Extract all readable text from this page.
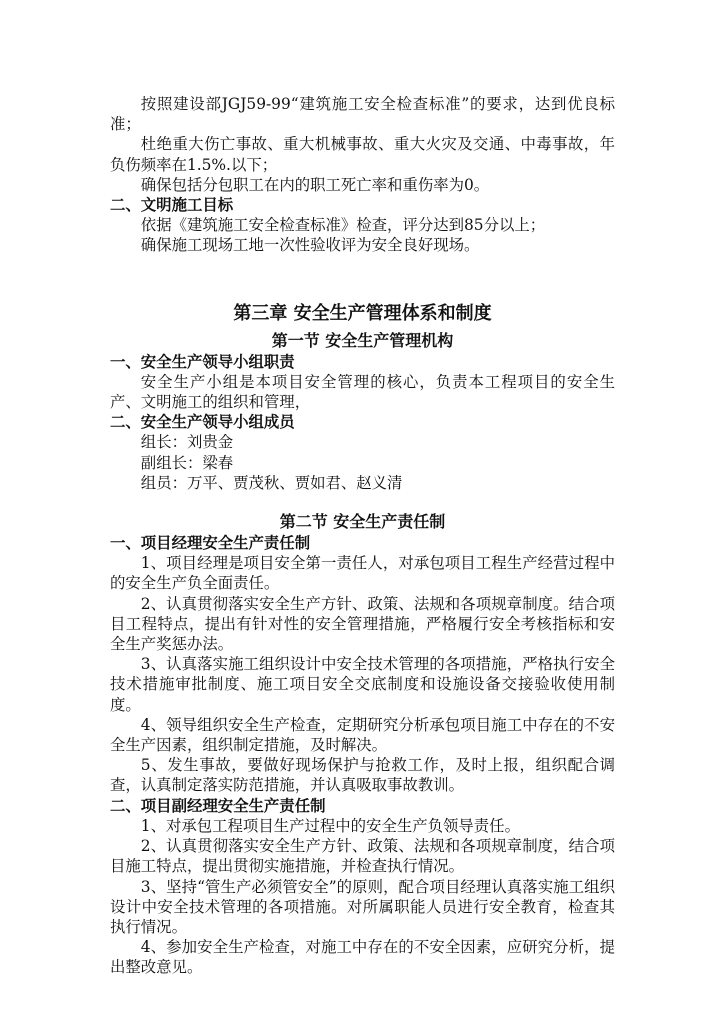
按照建设部JGJ59-99“建筑施工安全检查标准”的要求，达到优良标准；

杜绝重大伤亡事故、重大机械事故、重大火灾及交通、中毒事故，年负伤频率在1.5%.以下；

确保包括分包职工在内的职工死亡率和重伤率为0。

二、文明施工目标

依据《建筑施工安全检查标准》检查，评分达到85分以上；

确保施工现场工地一次性验收评为安全良好现场。

第三章 安全生产管理体系和制度
第一节 安全生产管理机构

一、安全生产领导小组职责

安全生产小组是本项目安全管理的核心，负责本工程项目的安全生产、文明施工的组织和管理，

二、安全生产领导小组成员

组长：刘贵金

副组长：梁春

组员：万平、贾茂秋、贾如君、赵义清

第二节 安全生产责任制

一、项目经理安全生产责任制

1、项目经理是项目安全第一责任人，对承包项目工程生产经营过程中的安全生产负全面责任。

2、认真贯彻落实安全生产方针、政策、法规和各项规章制度。结合项目工程特点，提出有针对性的安全管理措施，严格履行安全考核指标和安全生产奖惩办法。

3、认真落实施工组织设计中安全技术管理的各项措施，严格执行安全技术措施审批制度、施工项目安全交底制度和设施设备交接验收使用制度。

4、领导组织安全生产检查，定期研究分析承包项目施工中存在的不安全生产因素，组织制定措施，及时解决。

5、发生事故，要做好现场保护与抢救工作，及时上报，组织配合调查，认真制定落实防范措施，并认真吸取事故教训。

二、项目副经理安全生产责任制

1、对承包工程项目生产过程中的安全生产负领导责任。

2、认真贯彻落实安全生产方针、政策、法规和各项规章制度，结合项目施工特点，提出贯彻实施措施，并检查执行情况。

3、坚持“管生产必须管安全”的原则，配合项目经理认真落实施工组织设计中安全技术管理的各项措施。对所属职能人员进行安全教育，检查其执行情况。

4、参加安全生产检查，对施工中存在的不安全因素，应研究分析，提出整改意见。
